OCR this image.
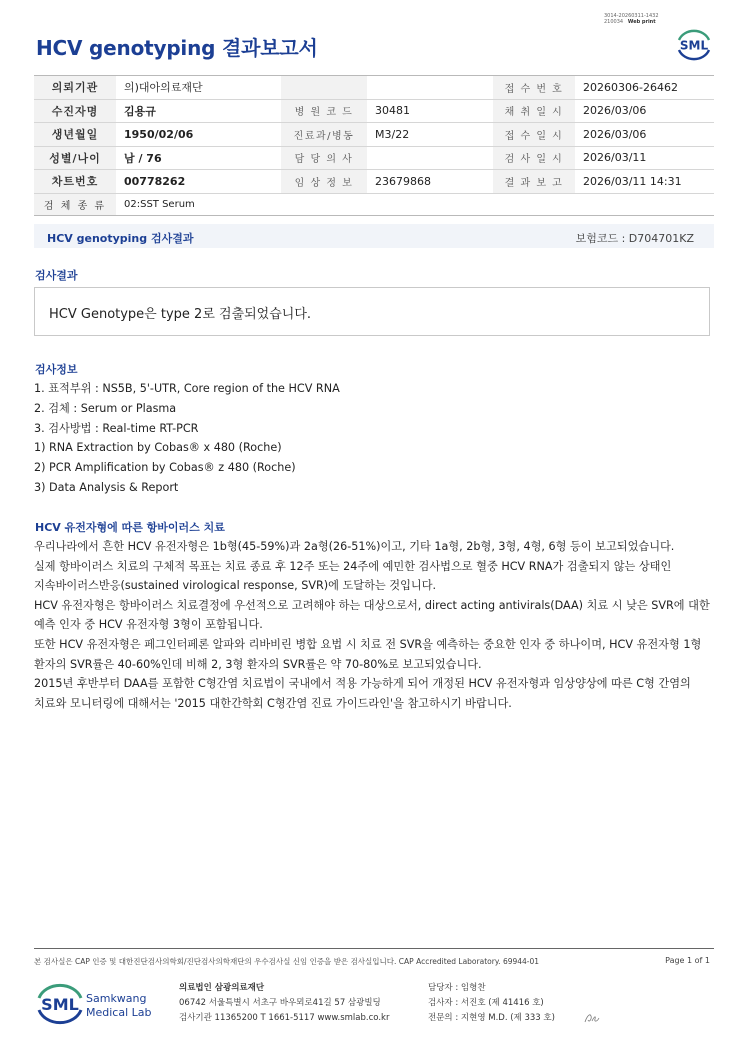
3014-20260311-1432
210034 Web print
HCV genotyping 결과보고서	SML
의뢰기관	의)대아의료재단			접 수 번 호	20260306-26462
수진자명	김용규	병 원 코 드	30481	채 취 일 시	2026/03/06
생년월일	1950/02/06	진료과/병동	M3/22	접 수 일 시	2026/03/06
성별/나이	남 / 76	담 당 의 사		검 사 일 시	2026/03/11
차트번호	00778262	임 상 정 보	23679868	결 과 보 고	2026/03/11 14:31
검 체 종 류	02:SST Serum				
HCV genotyping 검사결과	보험코드 : D704701KZ
검사결과
HCV Genotype은 type 2로 검출되었습니다.
검사정보
1. 표적부위 : NS5B, 5'-UTR, Core region of the HCV RNA
2. 검체 : Serum or Plasma
3. 검사방법 : Real-time RT-PCR
1) RNA Extraction by Cobas® x 480 (Roche)
2) PCR Amplification by Cobas® z 480 (Roche)
3) Data Analysis & Report
HCV 유전자형에 따른 항바이러스 치료
우리나라에서 흔한 HCV 유전자형은 1b형(45-59%)과 2a형(26-51%)이고, 기타 1a형, 2b형, 3형, 4형, 6형 등이 보고되었습니다.
실제 항바이러스 치료의 구체적 목표는 치료 종료 후 12주 또는 24주에 예민한 검사법으로 혈중 HCV RNA가 검출되지 않는 상태인
지속바이러스반응(sustained virological response, SVR)에 도달하는 것입니다.
HCV 유전자형은 항바이러스 치료결정에 우선적으로 고려해야 하는 대상으로서, direct acting antivirals(DAA) 치료 시 낮은 SVR에 대한
예측 인자 중 HCV 유전자형 3형이 포함됩니다.
또한 HCV 유전자형은 페그인터페론 알파와 리바비린 병합 요법 시 치료 전 SVR을 예측하는 중요한 인자 중 하나이며, HCV 유전자형 1형
환자의 SVR률은 40-60%인데 비해 2, 3형 환자의 SVR률은 약 70-80%로 보고되었습니다.
2015년 후반부터 DAA를 포함한 C형간염 치료법이 국내에서 적용 가능하게 되어 개정된 HCV 유전자형과 임상양상에 따른 C형 간염의
치료와 모니터링에 대해서는 '2015 대한간학회 C형간염 진료 가이드라인'을 참고하시기 바랍니다.
본 검사실은 CAP 인증 및 대한진단검사의학회/진단검사의학재단의 우수검사실 신임 인증을 받은 검사실입니다. CAP Accredited Laboratory. 69944-01	Page 1 of 1
SML Samkwang
Medical Lab
의료법인 삼광의료재단
06742 서울특별시 서초구 바우뫼로41길 57 삼광빌딩
검사기관 11365200 T 1661-5117 www.smlab.co.kr
담당자 : 임형찬
검사자 : 서진호 (제 41416 호)
전문의 : 지현영 M.D. (제 333 호)
